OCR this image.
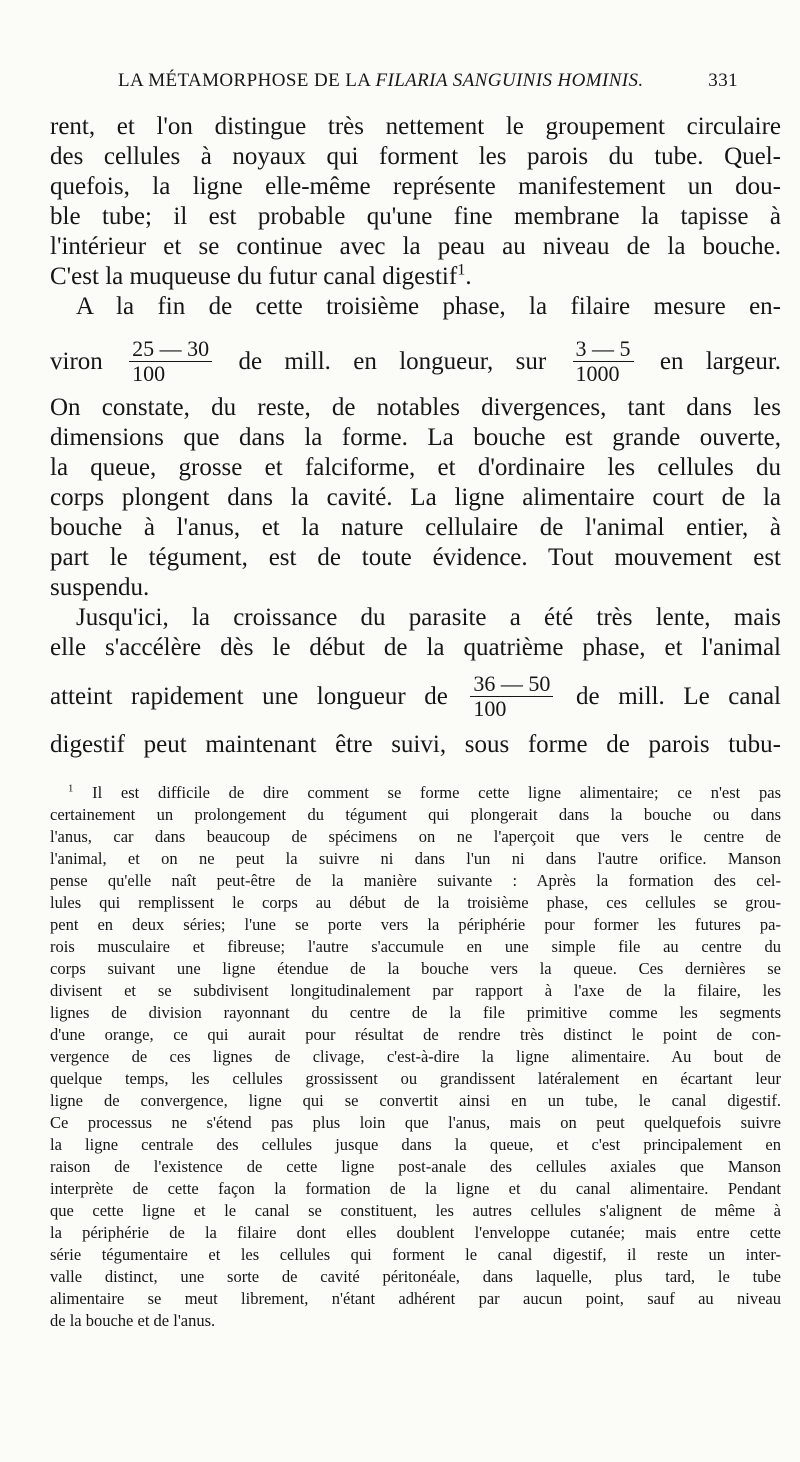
LA MÉTAMORPHOSE DE LA FILARIA SANGUINIS HOMINIS.	331
rent, et l'on distingue très nettement le groupement circulaire
des cellules à noyaux qui forment les parois du tube. Quel-
quefois, la ligne elle-même représente manifestement un dou-
ble tube; il est probable qu'une fine membrane la tapisse à
l'intérieur et se continue avec la peau au niveau de la bouche.
C'est la muqueuse du futur canal digestif$^1$.
A la fin de cette troisième phase, la filaire mesure en-
viron $\frac{25 — 30}{100}$ de mill. en longueur, sur $\frac{3 — 5}{1000}$ en largeur.
On constate, du reste, de notables divergences, tant dans les
dimensions que dans la forme. La bouche est grande ouverte,
la queue, grosse et falciforme, et d'ordinaire les cellules du
corps plongent dans la cavité. La ligne alimentaire court de la
bouche à l'anus, et la nature cellulaire de l'animal entier, à
part le tégument, est de toute évidence. Tout mouvement est
suspendu.
Jusqu'ici, la croissance du parasite a été très lente, mais
elle s'accélère dès le début de la quatrième phase, et l'animal
atteint rapidement une longueur de $\frac{36 — 50}{100}$ de mill. Le canal
digestif peut maintenant être suivi, sous forme de parois tubu-
$^1$ Il est difficile de dire comment se forme cette ligne alimentaire; ce n'est pas
certainement un prolongement du tégument qui plongerait dans la bouche ou dans
l'anus, car dans beaucoup de spécimens on ne l'aperçoit que vers le centre de
l'animal, et on ne peut la suivre ni dans l'un ni dans l'autre orifice. Manson
pense qu'elle naît peut-être de la manière suivante : Après la formation des cel-
lules qui remplissent le corps au début de la troisième phase, ces cellules se grou-
pent en deux séries; l'une se porte vers la périphérie pour former les futures pa-
rois musculaire et fibreuse; l'autre s'accumule en une simple file au centre du
corps suivant une ligne étendue de la bouche vers la queue. Ces dernières se
divisent et se subdivisent longitudinalement par rapport à l'axe de la filaire, les
lignes de division rayonnant du centre de la file primitive comme les segments
d'une orange, ce qui aurait pour résultat de rendre très distinct le point de con-
vergence de ces lignes de clivage, c'est-à-dire la ligne alimentaire. Au bout de
quelque temps, les cellules grossissent ou grandissent latéralement en écartant leur
ligne de convergence, ligne qui se convertit ainsi en un tube, le canal digestif.
Ce processus ne s'étend pas plus loin que l'anus, mais on peut quelquefois suivre
la ligne centrale des cellules jusque dans la queue, et c'est principalement en
raison de l'existence de cette ligne post-anale des cellules axiales que Manson
interprète de cette façon la formation de la ligne et du canal alimentaire. Pendant
que cette ligne et le canal se constituent, les autres cellules s'alignent de même à
la périphérie de la filaire dont elles doublent l'enveloppe cutanée; mais entre cette
série tégumentaire et les cellules qui forment le canal digestif, il reste un inter-
valle distinct, une sorte de cavité péritonéale, dans laquelle, plus tard, le tube
alimentaire se meut librement, n'étant adhérent par aucun point, sauf au niveau
de la bouche et de l'anus.
